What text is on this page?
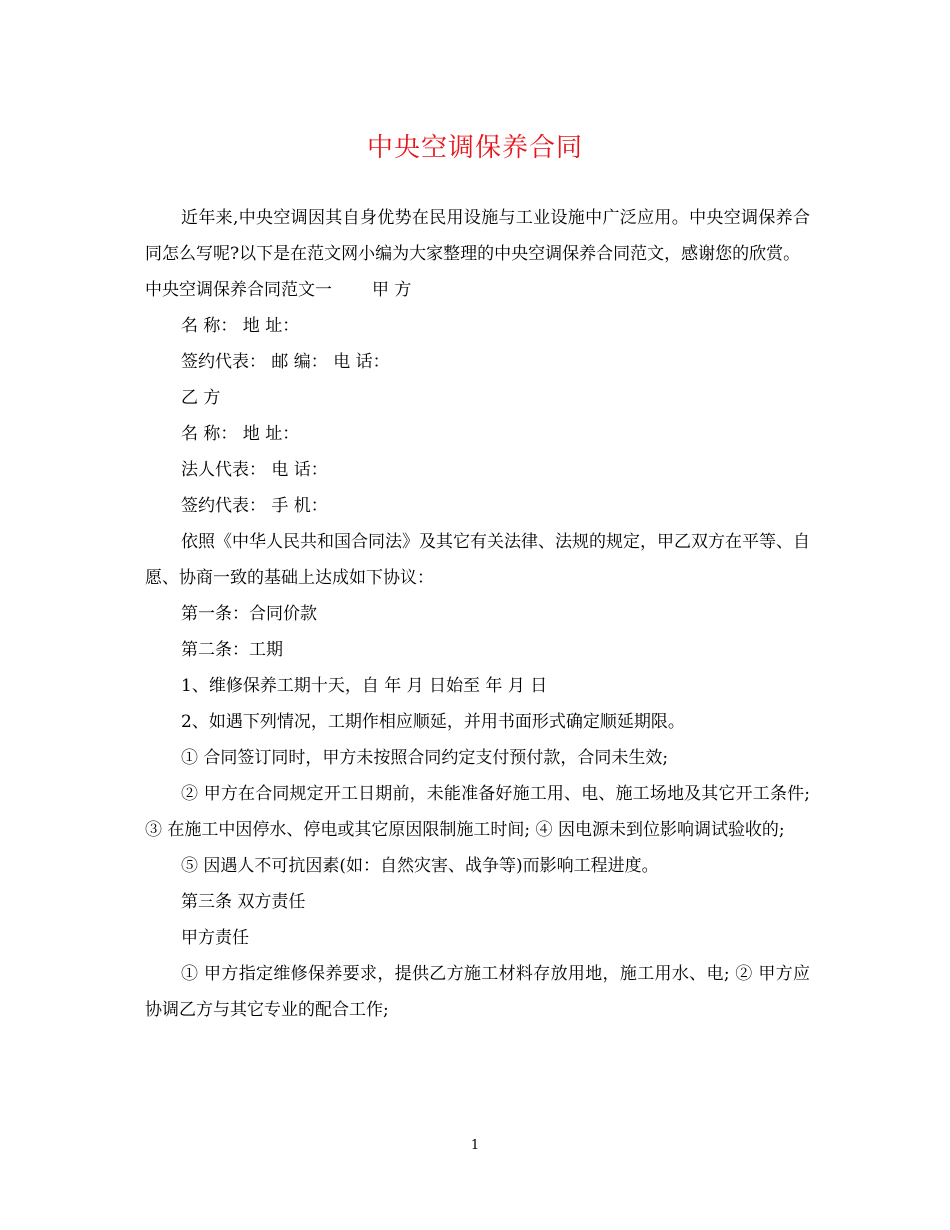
中央空调保养合同

近年来,中央空调因其自身优势在民用设施与工业设施中广泛应用。中央空调保养合同怎么写呢?以下是在范文网小编为大家整理的中央空调保养合同范文，感谢您的欣赏。

中央空调保养合同范文一 甲 方

名 称： 地 址：

签约代表： 邮 编： 电 话：

乙 方

名 称： 地 址：

法人代表： 电 话：

签约代表： 手 机：

依照《中华人民共和国合同法》及其它有关法律、法规的规定，甲乙双方在平等、自愿、协商一致的基础上达成如下协议：

第一条：合同价款

第二条：工期

1、维修保养工期十天，自 年 月 日始至 年 月 日

2、如遇下列情况，工期作相应顺延，并用书面形式确定顺延期限。

① 合同签订同时，甲方未按照合同约定支付预付款，合同未生效;

② 甲方在合同规定开工日期前，未能准备好施工用、电、施工场地及其它开工条件; ③ 在施工中因停水、停电或其它原因限制施工时间; ④ 因电源未到位影响调试验收的;

⑤ 因遇人不可抗因素(如：自然灾害、战争等)而影响工程进度。

第三条 双方责任

甲方责任

① 甲方指定维修保养要求，提供乙方施工材料存放用地，施工用水、电; ② 甲方应协调乙方与其它专业的配合工作;

1
